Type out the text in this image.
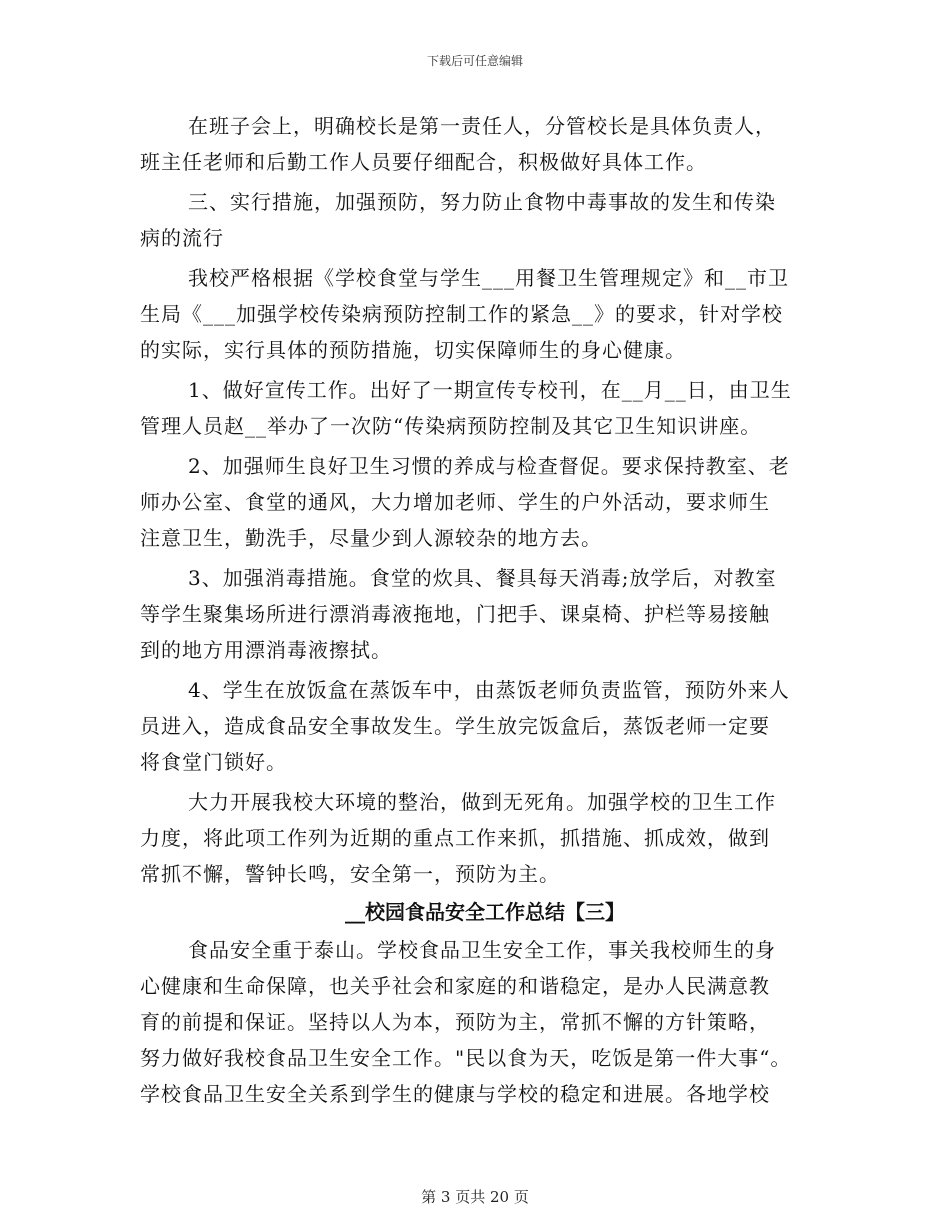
下载后可任意编辑
在班子会上，明确校长是第一责任人，分管校长是具体负责人，
班主任老师和后勤工作人员要仔细配合，积极做好具体工作。
三、实行措施，加强预防，努力防止食物中毒事故的发生和传染
病的流行
我校严格根据《学校食堂与学生___用餐卫生管理规定》和__市卫
生局《___加强学校传染病预防控制工作的紧急__》的要求，针对学校
的实际，实行具体的预防措施，切实保障师生的身心健康。
1、做好宣传工作。出好了一期宣传专校刊，在__月__日，由卫生
管理人员赵__举办了一次防“传染病预防控制及其它卫生知识讲座。
2、加强师生良好卫生习惯的养成与检查督促。要求保持教室、老
师办公室、食堂的通风，大力增加老师、学生的户外活动，要求师生
注意卫生，勤洗手，尽量少到人源较杂的地方去。
3、加强消毒措施。食堂的炊具、餐具每天消毒;放学后，对教室
等学生聚集场所进行漂消毒液拖地，门把手、课桌椅、护栏等易接触
到的地方用漂消毒液擦拭。
4、学生在放饭盒在蒸饭车中，由蒸饭老师负责监管，预防外来人
员进入，造成食品安全事故发生。学生放完饭盒后，蒸饭老师一定要
将食堂门锁好。
大力开展我校大环境的整治，做到无死角。加强学校的卫生工作
力度，将此项工作列为近期的重点工作来抓，抓措施、抓成效，做到
常抓不懈，警钟长鸣，安全第一，预防为主。
__校园食品安全工作总结【三】
食品安全重于泰山。学校食品卫生安全工作，事关我校师生的身
心健康和生命保障，也关乎社会和家庭的和谐稳定，是办人民满意教
育的前提和保证。坚持以人为本，预防为主，常抓不懈的方针策略，
努力做好我校食品卫生安全工作。"民以食为天，吃饭是第一件大事“。
学校食品卫生安全关系到学生的健康与学校的稳定和进展。各地学校
第 3 页共 20 页
